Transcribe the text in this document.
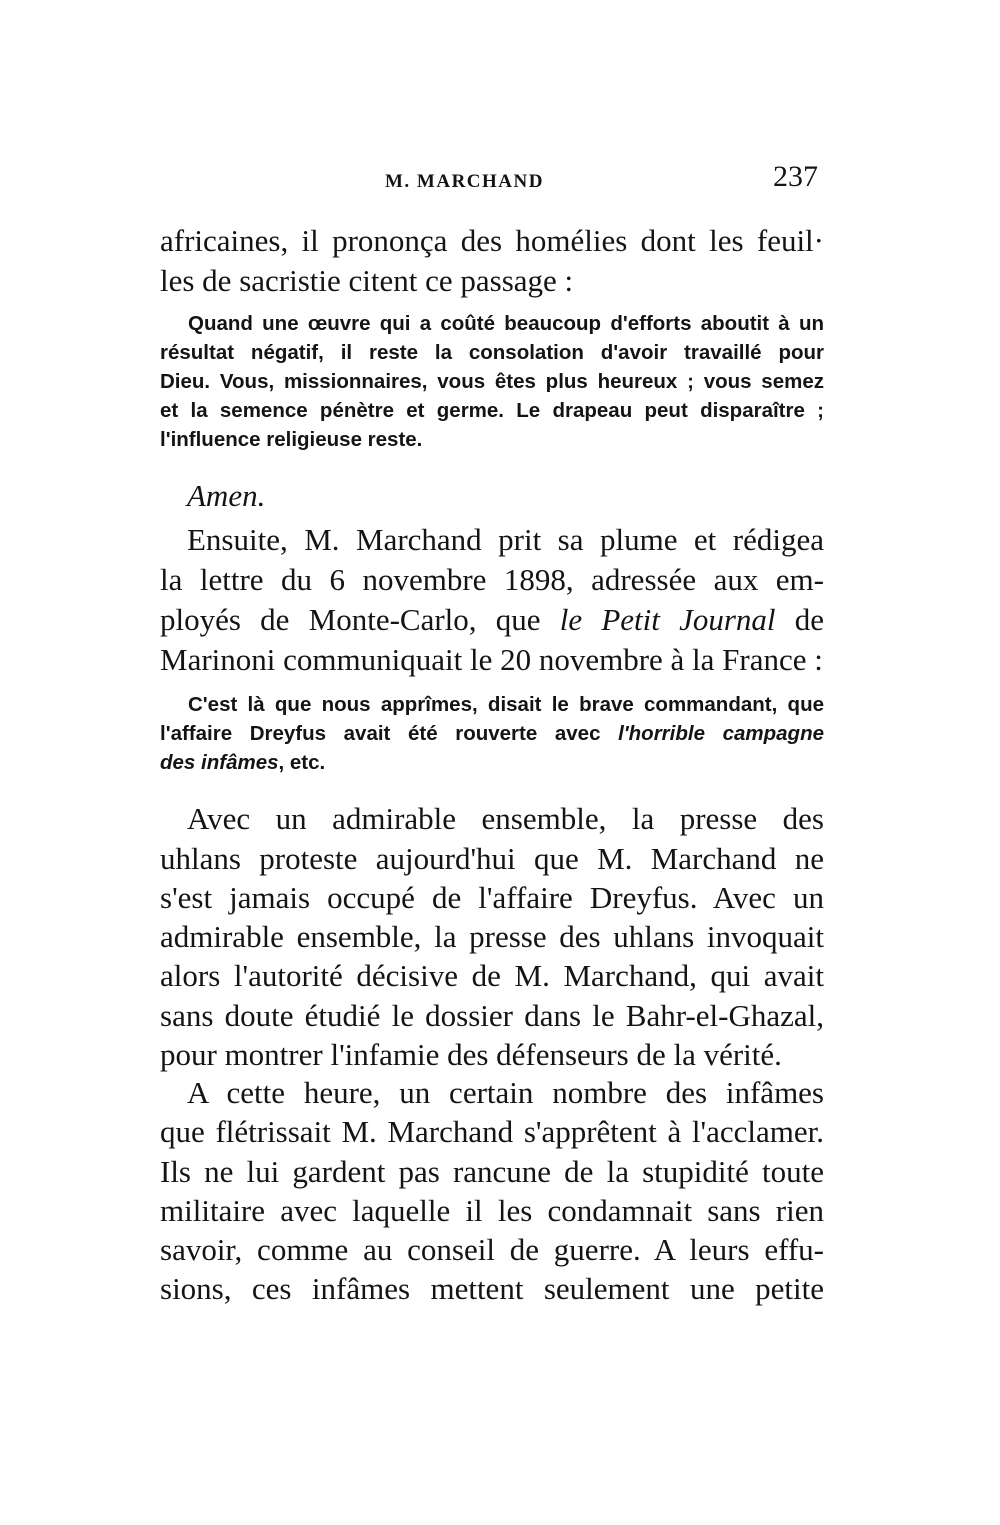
M. MARCHAND	237
africaines, il prononça des homélies dont les feuil·
les de sacristie citent ce passage :
Quand une œuvre qui a coûté beaucoup d'efforts aboutit à un
résultat négatif, il reste la consolation d'avoir travaillé pour
Dieu. Vous, missionnaires, vous êtes plus heureux ; vous semez
et la semence pénètre et germe. Le drapeau peut disparaître ;
l'influence religieuse reste.
Amen.
Ensuite, M. Marchand prit sa plume et rédigea
la lettre du 6 novembre 1898, adressée aux em-
ployés de Monte-Carlo, que le Petit Journal de
Marinoni communiquait le 20 novembre à la France :
C'est là que nous apprîmes, disait le brave commandant, que
l'affaire Dreyfus avait été rouverte avec l'horrible campagne
des infâmes, etc.
Avec un admirable ensemble, la presse des
uhlans proteste aujourd'hui que M. Marchand ne
s'est jamais occupé de l'affaire Dreyfus. Avec un
admirable ensemble, la presse des uhlans invoquait
alors l'autorité décisive de M. Marchand, qui avait
sans doute étudié le dossier dans le Bahr-el-Ghazal,
pour montrer l'infamie des défenseurs de la vérité.
A cette heure, un certain nombre des infâmes
que flétrissait M. Marchand s'apprêtent à l'acclamer.
Ils ne lui gardent pas rancune de la stupidité toute
militaire avec laquelle il les condamnait sans rien
savoir, comme au conseil de guerre. A leurs effu-
sions, ces infâmes mettent seulement une petite
